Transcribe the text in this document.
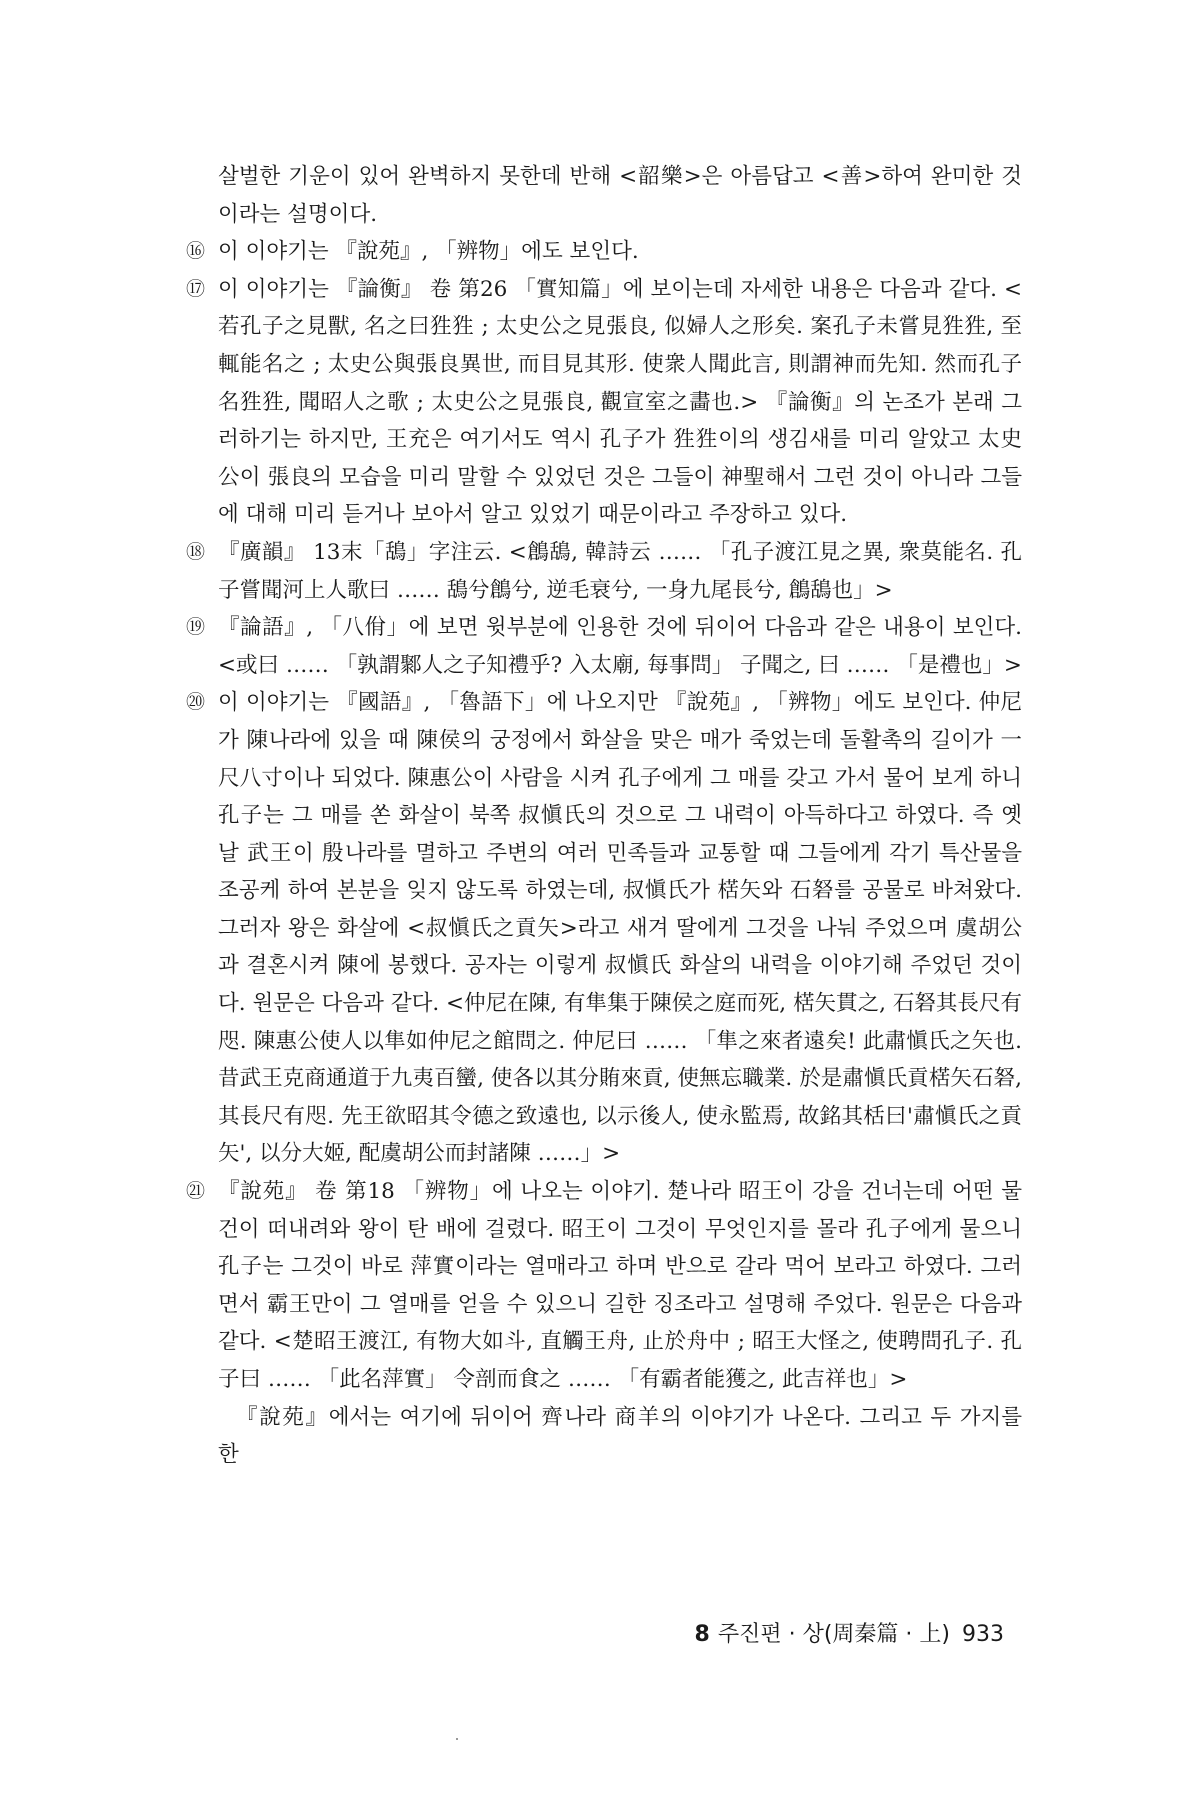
살벌한 기운이 있어 완벽하지 못한데 반해 <韶樂>은 아름답고 <善>하여 완미한 것이라는 설명이다.

⑯ 이 이야기는 『說苑』, 「辨物」에도 보인다.
⑰ 이 이야기는 『論衡』 卷 第26 「實知篇」에 보이는데 자세한 내용은 다음과 같다. <若孔子之見獸, 名之曰狌狌 ; 太史公之見張良, 似婦人之形矣. 案孔子未嘗見狌狌, 至輒能名之 ; 太史公與張良異世, 而目見其形. 使衆人聞此言, 則謂神而先知. 然而孔子名狌狌, 聞昭人之歌 ; 太史公之見張良, 觀宣室之畵也.> 『論衡』의 논조가 본래 그러하기는 하지만, 王充은 여기서도 역시 孔子가 狌狌이의 생김새를 미리 알았고 太史公이 張良의 모습을 미리 말할 수 있었던 것은 그들이 神聖해서 그런 것이 아니라 그들에 대해 미리 듣거나 보아서 알고 있었기 때문이라고 주장하고 있다.
⑱ 『廣韻』 13末「鴰」字注云. <鶬鴰, 韓詩云 …… 「孔子渡江見之異, 衆莫能名. 孔子嘗聞河上人歌曰 …… 鴰兮鶬兮, 逆毛衰兮, 一身九尾長兮, 鶬鴰也」>
⑲ 『論語』, 「八佾」에 보면 윗부분에 인용한 것에 뒤이어 다음과 같은 내용이 보인다. <或曰 …… 「孰謂鄹人之子知禮乎? 入太廟, 每事問」 子聞之, 曰 …… 「是禮也」>
⑳ 이 이야기는 『國語』, 「魯語下」에 나오지만 『說苑』, 「辨物」에도 보인다. 仲尼가 陳나라에 있을 때 陳侯의 궁정에서 화살을 맞은 매가 죽었는데 돌활촉의 길이가 一尺八寸이나 되었다. 陳惠公이 사람을 시켜 孔子에게 그 매를 갖고 가서 물어 보게 하니 孔子는 그 매를 쏜 화살이 북쪽 叔愼氏의 것으로 그 내력이 아득하다고 하였다. 즉 옛날 武王이 殷나라를 멸하고 주변의 여러 민족들과 교통할 때 그들에게 각기 특산물을 조공케 하여 본분을 잊지 않도록 하였는데, 叔愼氏가 楛矢와 石砮를 공물로 바쳐왔다. 그러자 왕은 화살에 <叔愼氏之貢矢>라고 새겨 딸에게 그것을 나눠 주었으며 虞胡公과 결혼시켜 陳에 봉했다. 공자는 이렇게 叔愼氏 화살의 내력을 이야기해 주었던 것이다. 원문은 다음과 같다. <仲尼在陳, 有隼集于陳侯之庭而死, 楛矢貫之, 石砮其長尺有咫. 陳惠公使人以隼如仲尼之館問之. 仲尼曰 …… 「隼之來者遠矣! 此肅愼氏之矢也. 昔武王克商通道于九夷百蠻, 使各以其分賄來貢, 使無忘職業. 於是肅愼氏貢楛矢石砮, 其長尺有咫. 先王欲昭其令德之致遠也, 以示後人, 使永監焉, 故銘其栝曰'肅愼氏之貢矢', 以分大姬, 配虞胡公而封諸陳 ……」>
㉑ 『說苑』 卷 第18 「辨物」에 나오는 이야기. 楚나라 昭王이 강을 건너는데 어떤 물건이 떠내려와 왕이 탄 배에 걸렸다. 昭王이 그것이 무엇인지를 몰라 孔子에게 물으니 孔子는 그것이 바로 萍實이라는 열매라고 하며 반으로 갈라 먹어 보라고 하였다. 그러면서 霸王만이 그 열매를 얻을 수 있으니 길한 징조라고 설명해 주었다. 원문은 다음과 같다. <楚昭王渡江, 有物大如斗, 直觸王舟, 止於舟中 ; 昭王大怪之, 使聘問孔子. 孔子曰 …… 「此名萍實」 令剖而食之 …… 「有霸者能獲之, 此吉祥也」>

『說苑』에서는 여기에 뒤이어 齊나라 商羊의 이야기가 나온다. 그리고 두 가지를 한

8 주진편 · 상(周秦篇 · 上) 933
